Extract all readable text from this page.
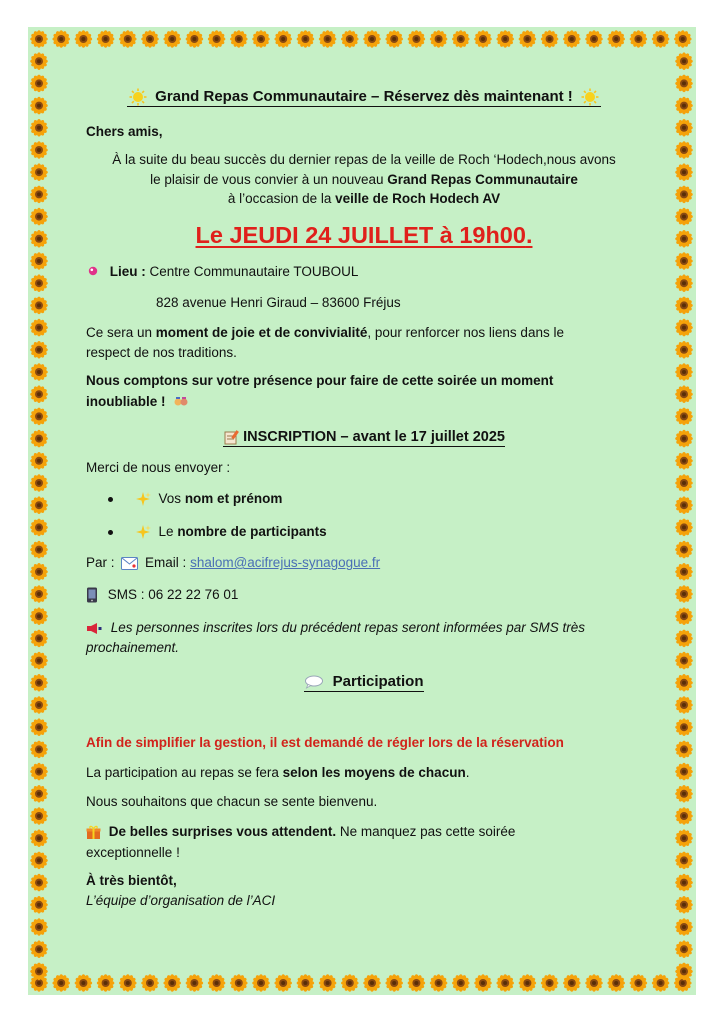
Grand Repas Communautaire – Réservez dès maintenant !
Chers amis,
À la suite du beau succès du dernier repas de la veille de Roch ‘Hodech,nous avons
le plaisir de vous convier à un nouveau Grand Repas Communautaire
à l’occasion de la veille de Roch Hodech AV
Le JEUDI 24 JUILLET à 19h00.
Lieu : Centre Communautaire TOUBOUL
828 avenue Henri Giraud – 83600 Fréjus
Ce sera un moment de joie et de convivialité, pour renforcer nos liens dans le
respect de nos traditions.
Nous comptons sur votre présence pour faire de cette soirée un moment
inoubliable !
INSCRIPTION – avant le 17 juillet 2025
Merci de nous envoyer :
Vos nom et prénom
Le nombre de participants
Par : Email : shalom@acifrejus-synagogue.fr
SMS : 06 22 22 76 01
Les personnes inscrites lors du précédent repas seront informées par SMS très
prochainement.
Participation
Afin de simplifier la gestion, il est demandé de régler lors de la réservation
La participation au repas se fera selon les moyens de chacun.
Nous souhaitons que chacun se sente bienvenu.
De belles surprises vous attendent. Ne manquez pas cette soirée
exceptionnelle !
À très bientôt,
L’équipe d’organisation de l’ACI
